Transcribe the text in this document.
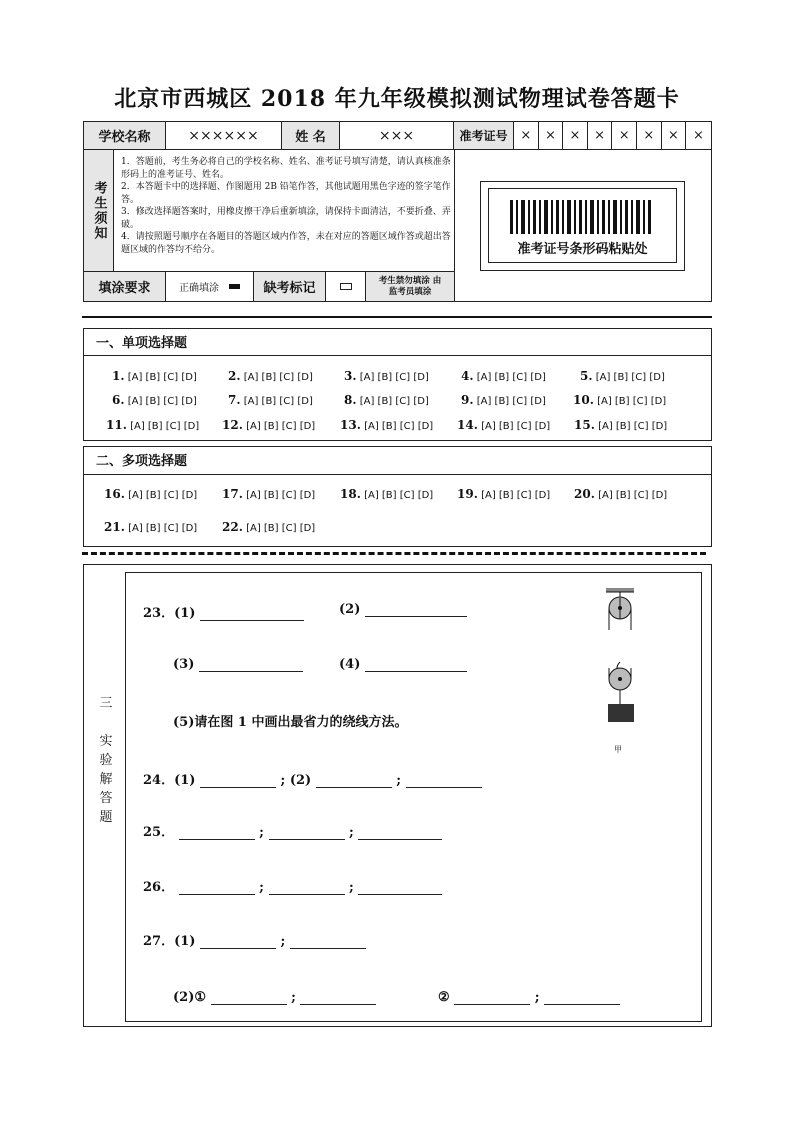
北京市西城区 2018 年九年级模拟测试物理试卷答题卡
学校名称	××××××	姓 名	×××	准考证号 ×	×	×	×	×	×	×	×
考生须知
1．答题前，考生务必将自己的学校名称、姓名、准考证号填写清楚，请认真核准条形码上的准考证号、姓名。
2．本答题卡中的选择题、作图题用 2B 铅笔作答，其他试题用黑色字迹的签字笔作答。
3．修改选择题答案时，用橡皮擦干净后重新填涂，请保持卡面清洁，不要折叠、弄破。
4．请按照题号顺序在各题目的答题区域内作答，未在对应的答题区域作答或超出答题区域的作答均不给分。	准考证号条形码粘贴处
填涂要求	正确填涂	缺考标记
考生禁勿填涂 由监考员填涂
一、单项选择题
1. [A] [B] [C] [D]	2. [A] [B] [C] [D]	3. [A] [B] [C] [D]	4. [A] [B] [C] [D]	5. [A] [B] [C] [D]
6. [A] [B] [C] [D]	7. [A] [B] [C] [D]	8. [A] [B] [C] [D]	9. [A] [B] [C] [D] 10. [A] [B] [C] [D]
11. [A] [B] [C] [D] 12. [A] [B] [C] [D] 13. [A] [B] [C] [D] 14. [A] [B] [C] [D] 15. [A] [B] [C] [D]
二、多项选择题
16. [A] [B] [C] [D] 17. [A] [B] [C] [D] 18. [A] [B] [C] [D] 19. [A] [B] [C] [D] 20. [A] [B] [C] [D]
21. [A] [B] [C] [D] 22. [A] [B] [C] [D]
三
实
验
解
答
题
23．(1)	(2)
(3)	(4)
(5)请在图 1 中画出最省力的绕线方法。
甲
24．(1)	; (2)	;
25．	;	;
26．	;	;
27．(1)	;
(2)①	;	②	;
